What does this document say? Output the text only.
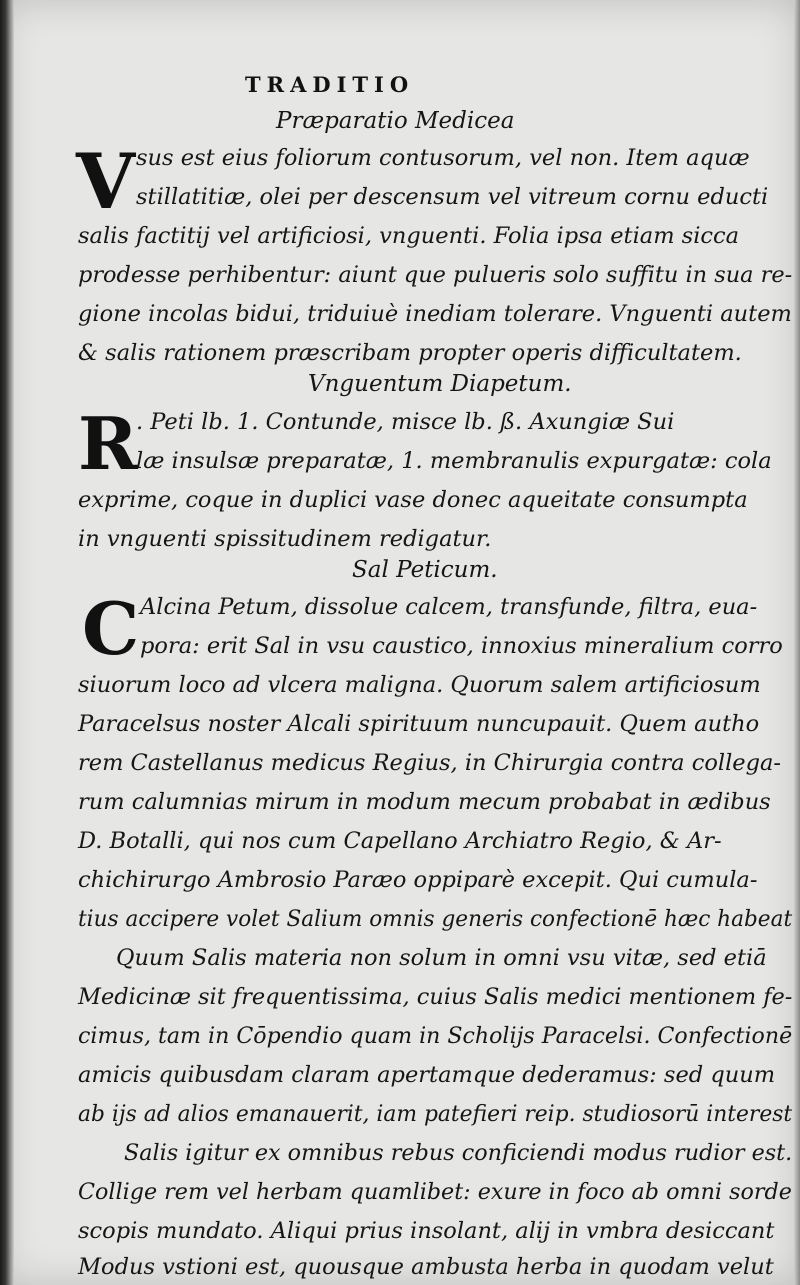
TRADITIO
Præparatio Medicea
V sus est eius foliorum contusorum, vel non. Item aquæ
stillatitiæ, olei per descensum vel vitreum cornu educti
salis factitij vel artificiosi, vnguenti. Folia ipsa etiam sicca
prodesse perhibentur: aiunt que pulueris solo suffitu in sua re-
gione incolas bidui, triduiuè inediam tolerare. Vnguenti autem
& salis rationem præscribam propter operis difficultatem.
Vnguentum Diapetum.
R
. Peti lb. 1. Contunde, misce lb. ß. Axungiæ Sui
læ insulsæ preparatæ, 1. membranulis expurgatæ: cola
exprime, coque in duplici vase donec aqueitate consumpta
in vnguenti spissitudinem redigatur.
Sal Peticum.
C Alcina Petum, dissolue calcem, transfunde, filtra, eua-
pora: erit Sal in vsu caustico, innoxius mineralium corro
siuorum loco ad vlcera maligna. Quorum salem artificiosum
Paracelsus noster Alcali spirituum nuncupauit. Quem autho
rem Castellanus medicus Regius, in Chirurgia contra collega-
rum calumnias mirum in modum mecum probabat in ædibus
D. Botalli, qui nos cum Capellano Archiatro Regio, & Ar-
chichirurgo Ambrosio Paræo oppiparè excepit. Qui cumula-
tius accipere volet Salium omnis generis confectionē hæc habeat
Quum Salis materia non solum in omni vsu vitæ, sed etiā
Medicinæ sit frequentissima, cuius Salis medici mentionem fe-
cimus, tam in Cōpendio quam in Scholijs Paracelsi. Confectionē
amicis quibusdam claram apertamque dederamus: sed quum
ab ijs ad alios emanauerit, iam patefieri reip. studiosorū interest
Salis igitur ex omnibus rebus conficiendi modus rudior est.
Collige rem vel herbam quamlibet: exure in foco ab omni sorde
scopis mundato. Aliqui prius insolant, alij in vmbra desiccant
Modus vstioni est, quousque ambusta herba in quodam velut
